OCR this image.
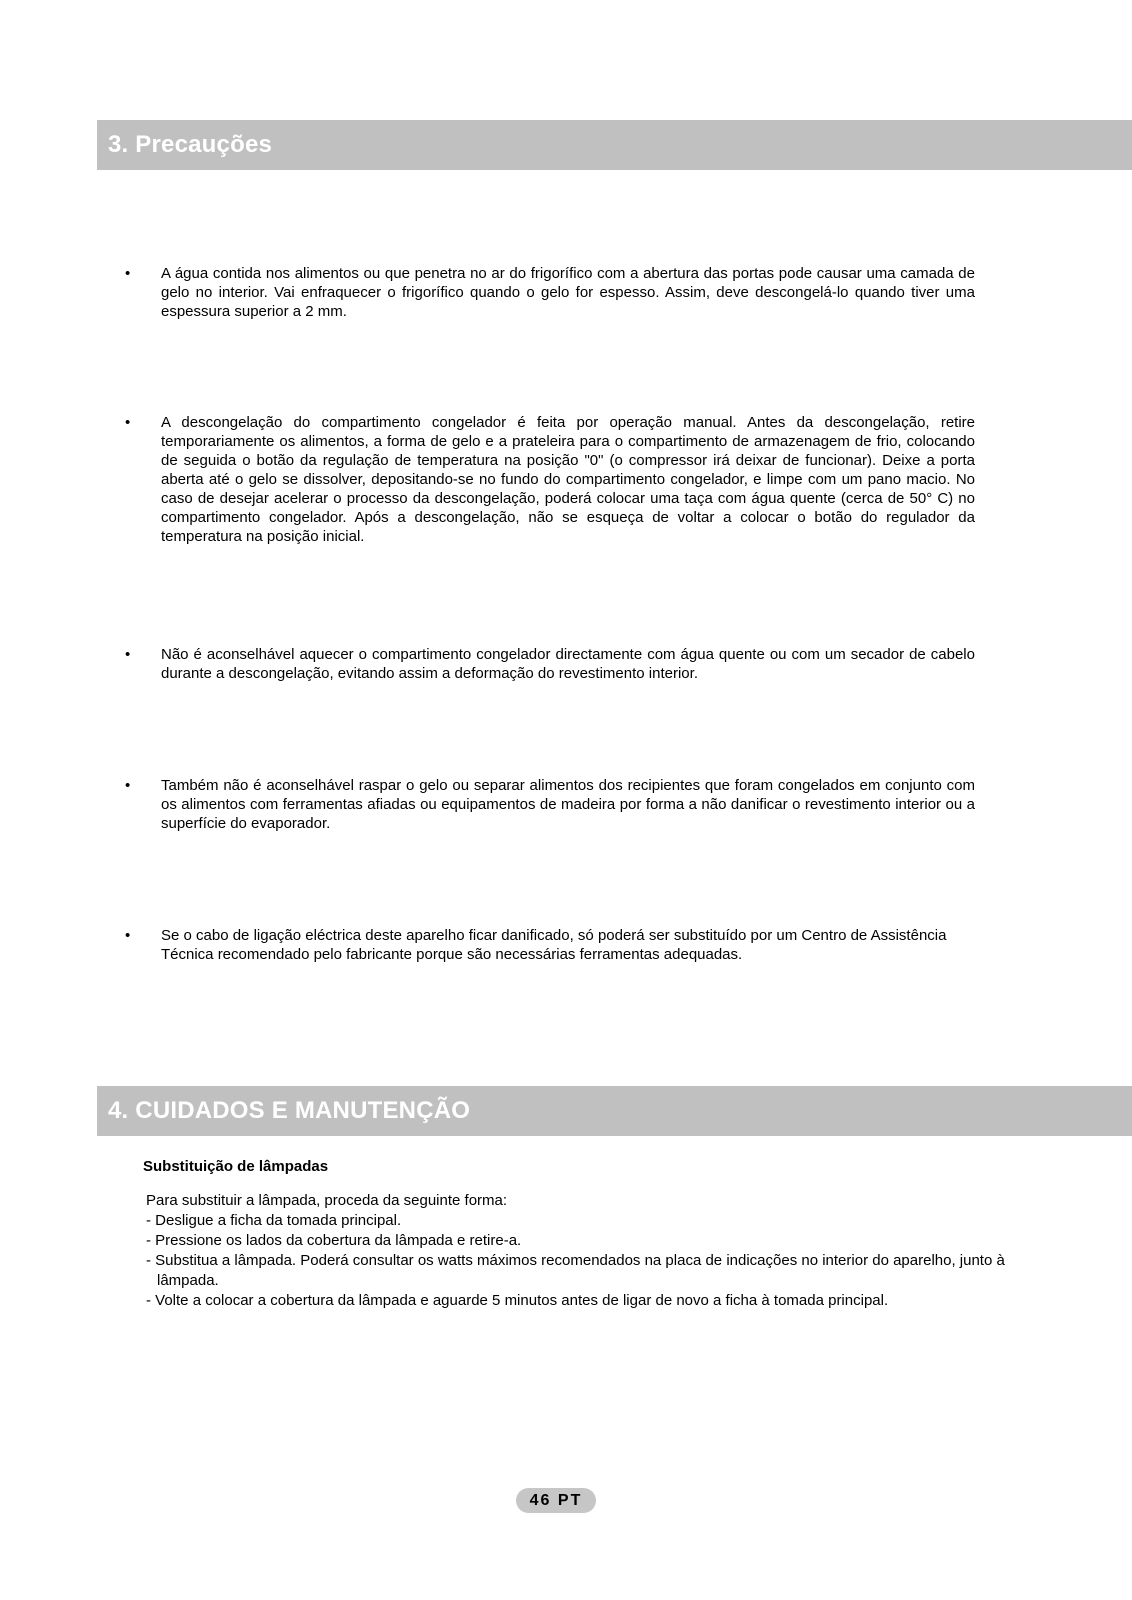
3. Precauções
• A água contida nos alimentos ou que penetra no ar do frigorífico com a abertura das portas pode causar uma camada de gelo no interior. Vai enfraquecer o frigorífico quando o gelo for espesso. Assim, deve descongelá-lo quando tiver uma espessura superior a 2 mm.
• A descongelação do compartimento congelador é feita por operação manual. Antes da descongelação, retire temporariamente os alimentos, a forma de gelo e a prateleira para o compartimento de armazenagem de frio, colocando de seguida o botão da regulação de temperatura na posição "0" (o compressor irá deixar de funcionar). Deixe a porta aberta até o gelo se dissolver, depositando-se no fundo do compartimento congelador, e limpe com um pano macio. No caso de desejar acelerar o processo da descongelação, poderá colocar uma taça com água quente (cerca de 50° C) no compartimento congelador. Após a descongelação, não se esqueça de voltar a colocar o botão do regulador da temperatura na posição inicial.
• Não é aconselhável aquecer o compartimento congelador directamente com água quente ou com um secador de cabelo durante a descongelação, evitando assim a deformação do revestimento interior.
• Também não é aconselhável raspar o gelo ou separar alimentos dos recipientes que foram congelados em conjunto com os alimentos com ferramentas afiadas ou equipamentos de madeira por forma a não danificar o revestimento interior ou a superfície do evaporador.
• Se o cabo de ligação eléctrica deste aparelho ficar danificado, só poderá ser substituído por um Centro de Assistência Técnica recomendado pelo fabricante porque são necessárias ferramentas adequadas.
4. CUIDADOS E MANUTENÇÃO
Substituição de lâmpadas
Para substituir a lâmpada, proceda da seguinte forma:
- Desligue a ficha da tomada principal.
- Pressione os lados da cobertura da lâmpada e retire-a.
- Substitua a lâmpada. Poderá consultar os watts máximos recomendados na placa de indicações no interior do aparelho, junto à lâmpada.
- Volte a colocar a cobertura da lâmpada e aguarde 5 minutos antes de ligar de novo a ficha à tomada principal.
46 PT
